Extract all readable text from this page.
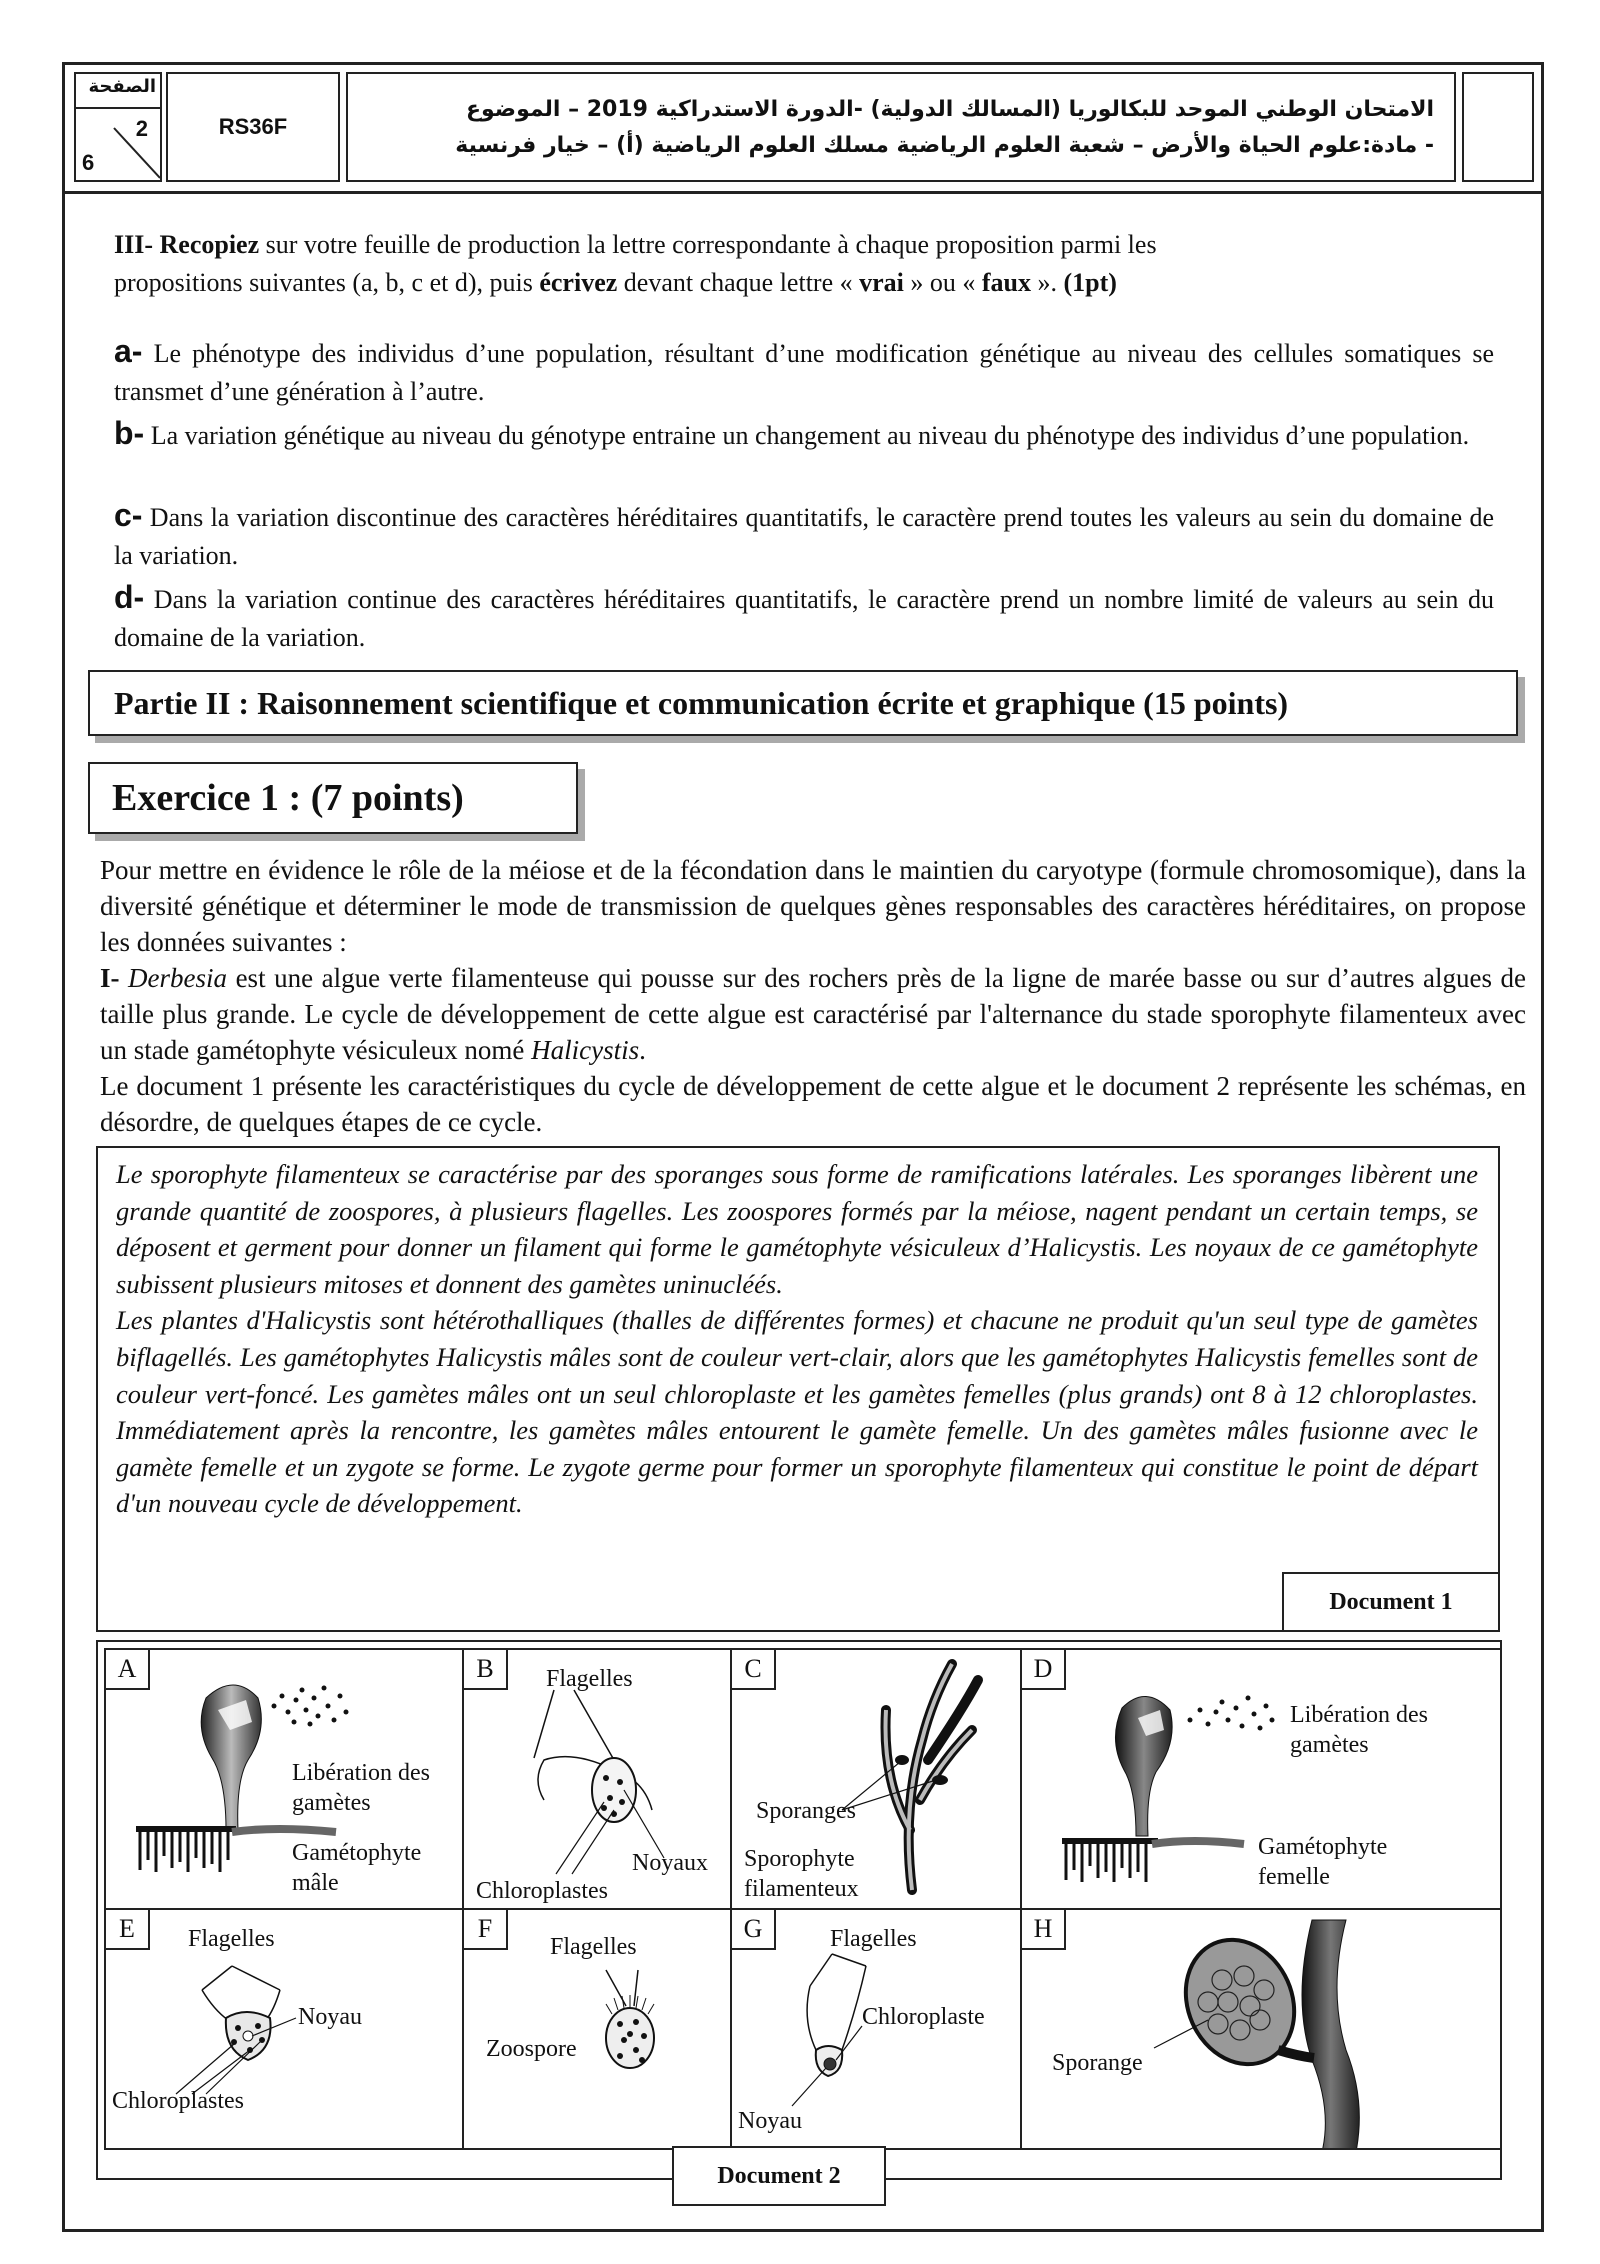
الصفحة
2
6
RS36F
الامتحان الوطني الموحد للبكالوريا (المسالك الدولية) -الدورة الاستدراكية 2019 – الموضوع
- مادة:علوم الحياة والأرض – شعبة العلوم الرياضية مسلك العلوم الرياضية (أ) – خيار فرنسية
III- Recopiez sur votre feuille de production la lettre correspondante à chaque proposition parmi les
propositions suivantes (a, b, c et d), puis écrivez devant chaque lettre « vrai » ou « faux ». (1pt)
a- Le phénotype des individus d’une population, résultant d’une modification génétique au niveau des cellules somatiques se transmet d’une génération à l’autre.
b- La variation génétique au niveau du génotype entraine un changement au niveau du phénotype des individus d’une population.
c- Dans la variation discontinue des caractères héréditaires quantitatifs, le caractère prend toutes les valeurs au sein du domaine de la variation.
d- Dans la variation continue des caractères héréditaires quantitatifs, le caractère prend un nombre limité de valeurs au sein du domaine de la variation.
Partie II : Raisonnement scientifique et communication écrite et graphique (15 points)
Exercice 1 : (7 points)
Pour mettre en évidence le rôle de la méiose et de la fécondation dans le maintien du caryotype (formule chromosomique), dans la diversité génétique et déterminer le mode de transmission de quelques gènes responsables des caractères héréditaires, on propose les données suivantes :
I- Derbesia est une algue verte filamenteuse qui pousse sur des rochers près de la ligne de marée basse ou sur d’autres algues de taille plus grande. Le cycle de développement de cette algue est caractérisé par l'alternance du stade sporophyte filamenteux avec un stade gamétophyte vésiculeux nomé Halicystis.
Le document 1 présente les caractéristiques du cycle de développement de cette algue et le document 2 représente les schémas, en désordre, de quelques étapes de ce cycle.
Le sporophyte filamenteux se caractérise par des sporanges sous forme de ramifications latérales. Les sporanges libèrent une grande quantité de zoospores, à plusieurs flagelles. Les zoospores formés par la méiose, nagent pendant un certain temps, se déposent et germent pour donner un filament qui forme le gamétophyte vésiculeux d’Halicystis. Les noyaux de ce gamétophyte subissent plusieurs mitoses et donnent des gamètes uninucléés.
Les plantes d'Halicystis sont hétérothalliques (thalles de différentes formes) et chacune ne produit qu'un seul type de gamètes biflagellés. Les gamétophytes Halicystis mâles sont de couleur vert-clair, alors que les gamétophytes Halicystis femelles sont de couleur vert-foncé. Les gamètes mâles ont un seul chloroplaste et les gamètes femelles (plus grands) ont 8 à 12 chloroplastes. Immédiatement après la rencontre, les gamètes mâles entourent le gamète femelle. Un des gamètes mâles fusionne avec le gamète femelle et un zygote se forme. Le zygote germe pour former un sporophyte filamenteux qui constitue le point de départ d'un nouveau cycle de développement.
Document 1
A
Libération des gamètes
Gamétophyte mâle
B	Flagelles
Noyaux
Chloroplastes
C
Sporanges
Sporophyte filamenteux
D
Libération des gamètes
Gamétophyte femelle
E	Flagelles
Noyau
Chloroplastes
F
Flagelles
Zoospore
G	Flagelles
Chloroplaste
Noyau
H
Sporange
Document 2
